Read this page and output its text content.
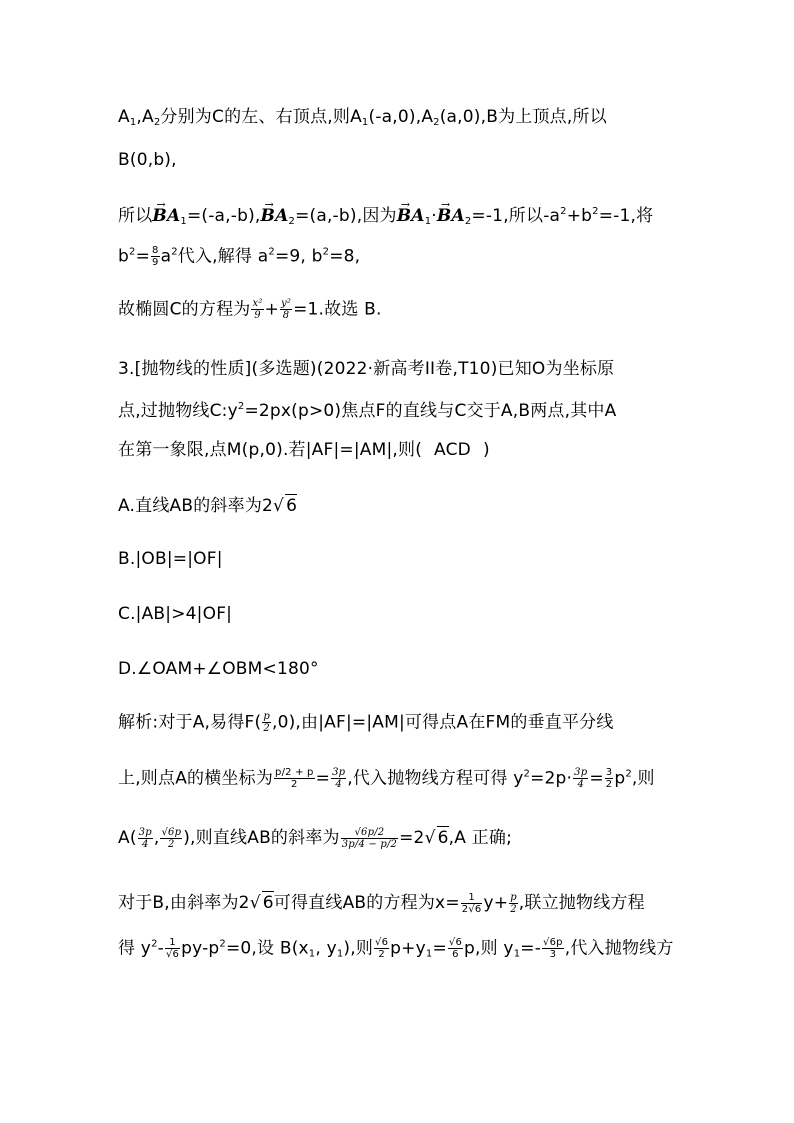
$A_1,A_2$分别为C的左、右顶点,则$A_1(-a,0),A_2(a,0),B$为上顶点,所以
B(0,b),
所以→ $BA_1=(-a,-b),\to BA_2=(a,-b)$,因为→ $BA_1\cdot\to BA_2=-1$,所以$-a^2+b^2=-1$,将
$b^2= \frac{8}{9} a^2$代入,解得 $a^2=9$, $b^2=8$,
故椭圆C的方程为 $\frac{\text{x²}}{9} + \frac{\text{y²}}{8} =1$.故选 B.
3.[抛物线的性质](多选题)(2022·新高考II卷,T10)已知O为坐标原
点,过抛物线$C:y^2=2px(p>0)$焦点F的直线与C交于A,B两点,其中A
在第一象限,点M(p,0).若|AF|=|AM|,则( ACD )
A.直线AB的斜率为2√ 6
B.|OB|=|OF|
C.|AB|>4|OF|
D.∠OAM+∠OBM<180°
解析:对于A,易得$F( \frac{p}{2} ,0)$,由|AF|=|AM|可得点A在FM的垂直平分线
上,则点A的横坐标为 $\frac{p/2 + p}{2} = \frac{3p}{4}$ ,代入抛物线方程可得 $y^2=2p\cdot \frac{3p}{4} = \frac{3}{2} p^2$,则
$A( \frac{3p}{4}$ , $\frac{√6p}{2}$ ),则直线AB的斜率为 $\frac{√6p/2}{3p/4 - p/2} =2√$ 6,A 正确;
对于B,由斜率为2√ 6可得直线AB的方程为$x= \frac{1}{2√6} y+ \frac{p}{2}$ ,联立抛物线方程
得 $y^2- \frac{1}{√6} py-p^2=0$,设 $B(x_1$, $y_1$),则 $\frac{√6}{2} p+y_1= \frac{√6}{6} p$,则 $y_1=- \frac{√6p}{3}$ ,代入抛物线方
